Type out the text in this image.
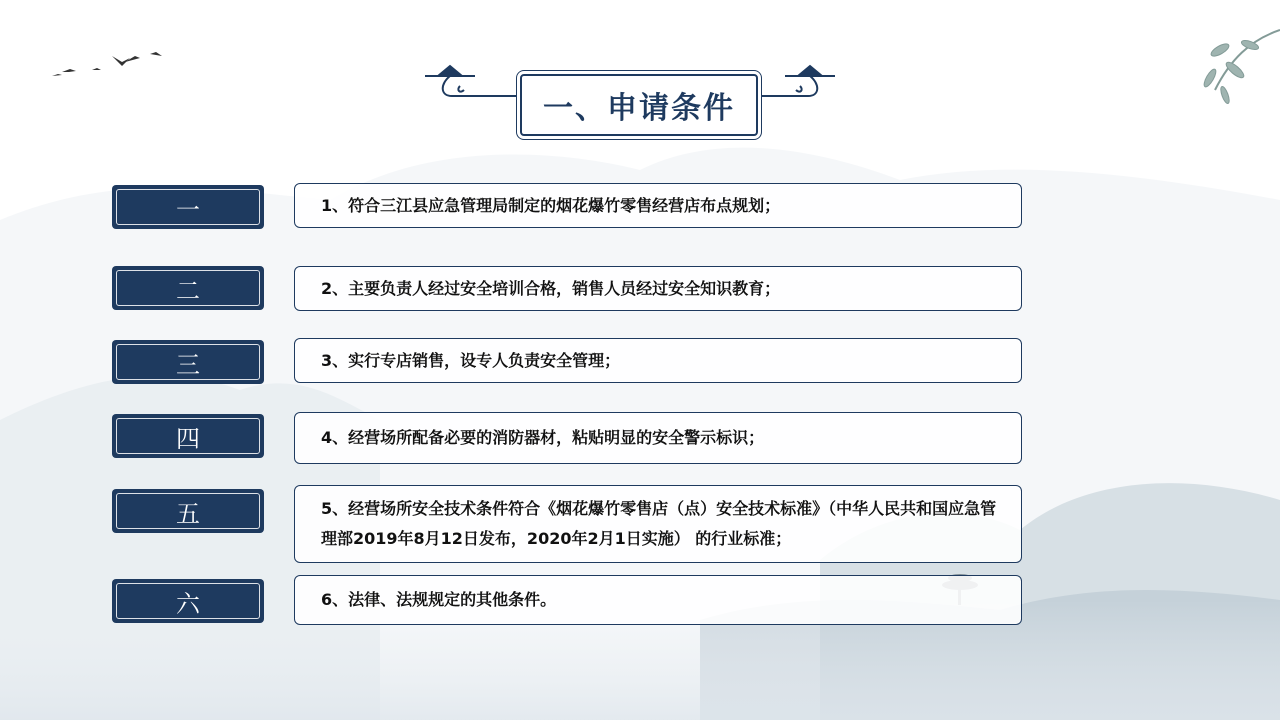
一、申请条件
一	1、符合三江县应急管理局制定的烟花爆竹零售经营店布点规划；
二	2、主要负责人经过安全培训合格，销售人员经过安全知识教育；
三	3、实行专店销售，设专人负责安全管理；
四	4、经营场所配备必要的消防器材，粘贴明显的安全警示标识；
五	5、经营场所安全技术条件符合《烟花爆竹零售店（点）安全技术标准》（中华人民共和国应急管理部2019年8月12日发布，2020年2月1日实施） 的行业标准；
六	6、法律、法规规定的其他条件。
